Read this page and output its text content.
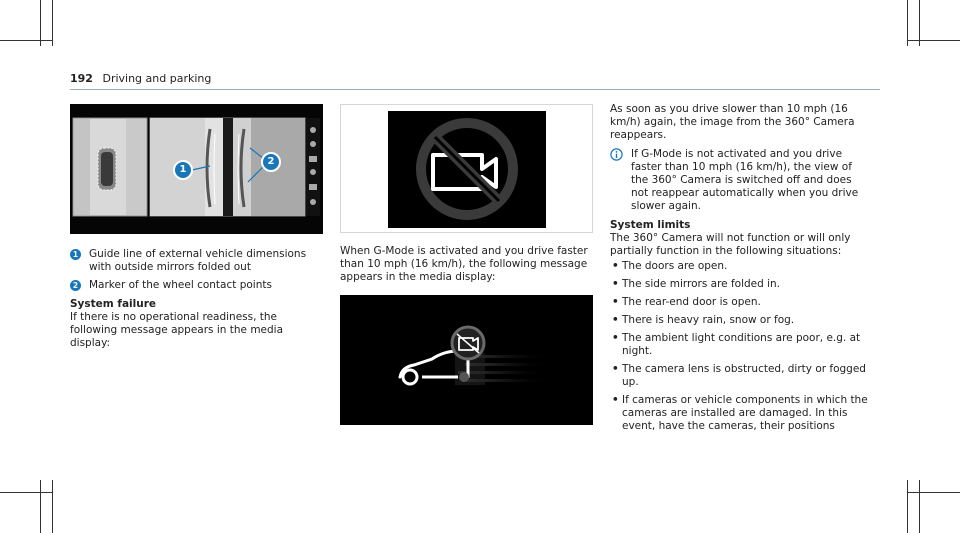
192 Driving and parking
1
2
1 Guide line of external vehicle dimensions with outside mirrors folded out

2 Marker of the wheel contact points

System failure

If there is no operational readiness, the following message appears in the media display:

When G-Mode is activated and you drive faster than 10 mph (16 km/h), the following message appears in the media display:

As soon as you drive slower than 10 mph (16 km/h) again, the image from the 360° Camera reappears.

If G-Mode is not activated and you drive faster than 10 mph (16 km/h), the view of the 360° Camera is switched off and does not reappear automatically when you drive slower again.

System limits

The 360° Camera will not function or will only partially function in the following situations:

• The doors are open.
• The side mirrors are folded in.
• The rear-end door is open.
• There is heavy rain, snow or fog.
• The ambient light conditions are poor, e.g. at night.
• The camera lens is obstructed, dirty or fogged up.
• If cameras or vehicle components in which the cameras are installed are damaged. In this event, have the cameras, their positions
